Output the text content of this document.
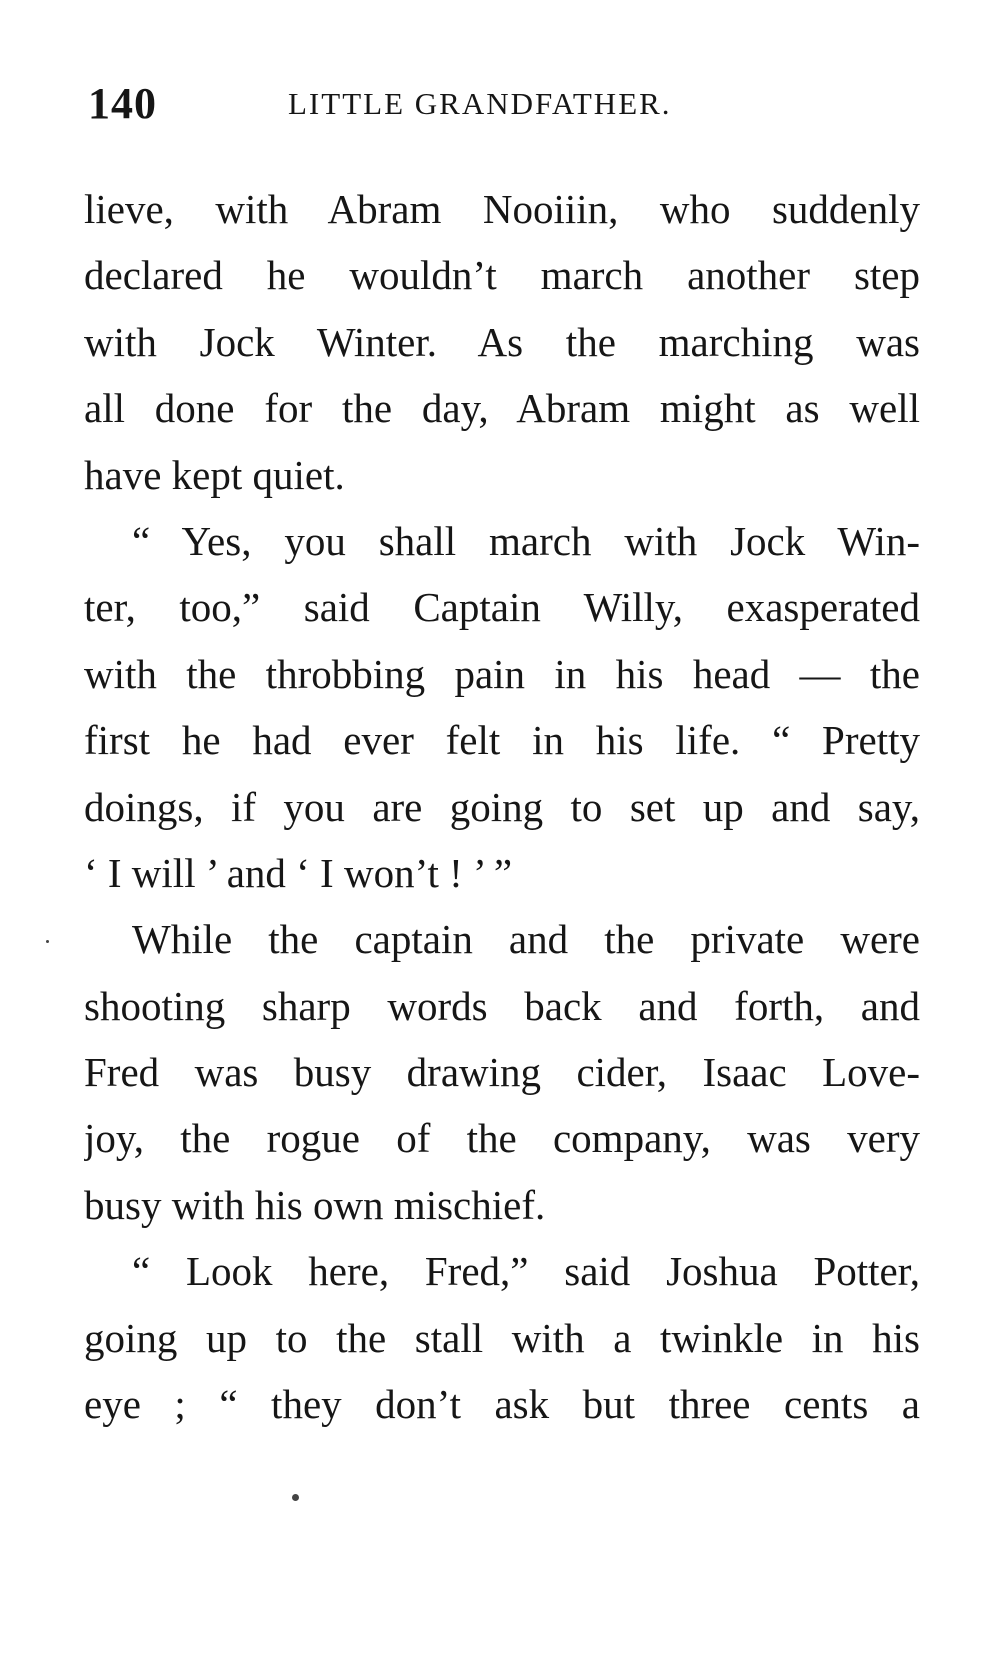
140	LITTLE GRANDFATHER.
lieve, with Abram Nooiiin, who suddenly
declared he wouldn’t march another step
with Jock Winter. As the marching was
all done for the day, Abram might as well
have kept quiet.
“ Yes, you shall march with Jock Win-
ter, too,” said Captain Willy, exasperated
with the throbbing pain in his head — the
first he had ever felt in his life. “ Pretty
doings, if you are going to set up and say,
‘ I will ’ and ‘ I won’t ! ’ ”
While the captain and the private were
shooting sharp words back and forth, and
Fred was busy drawing cider, Isaac Love-
joy, the rogue of the company, was very
busy with his own mischief.
“ Look here, Fred,” said Joshua Potter,
going up to the stall with a twinkle in his
eye ; “ they don’t ask but three cents a
